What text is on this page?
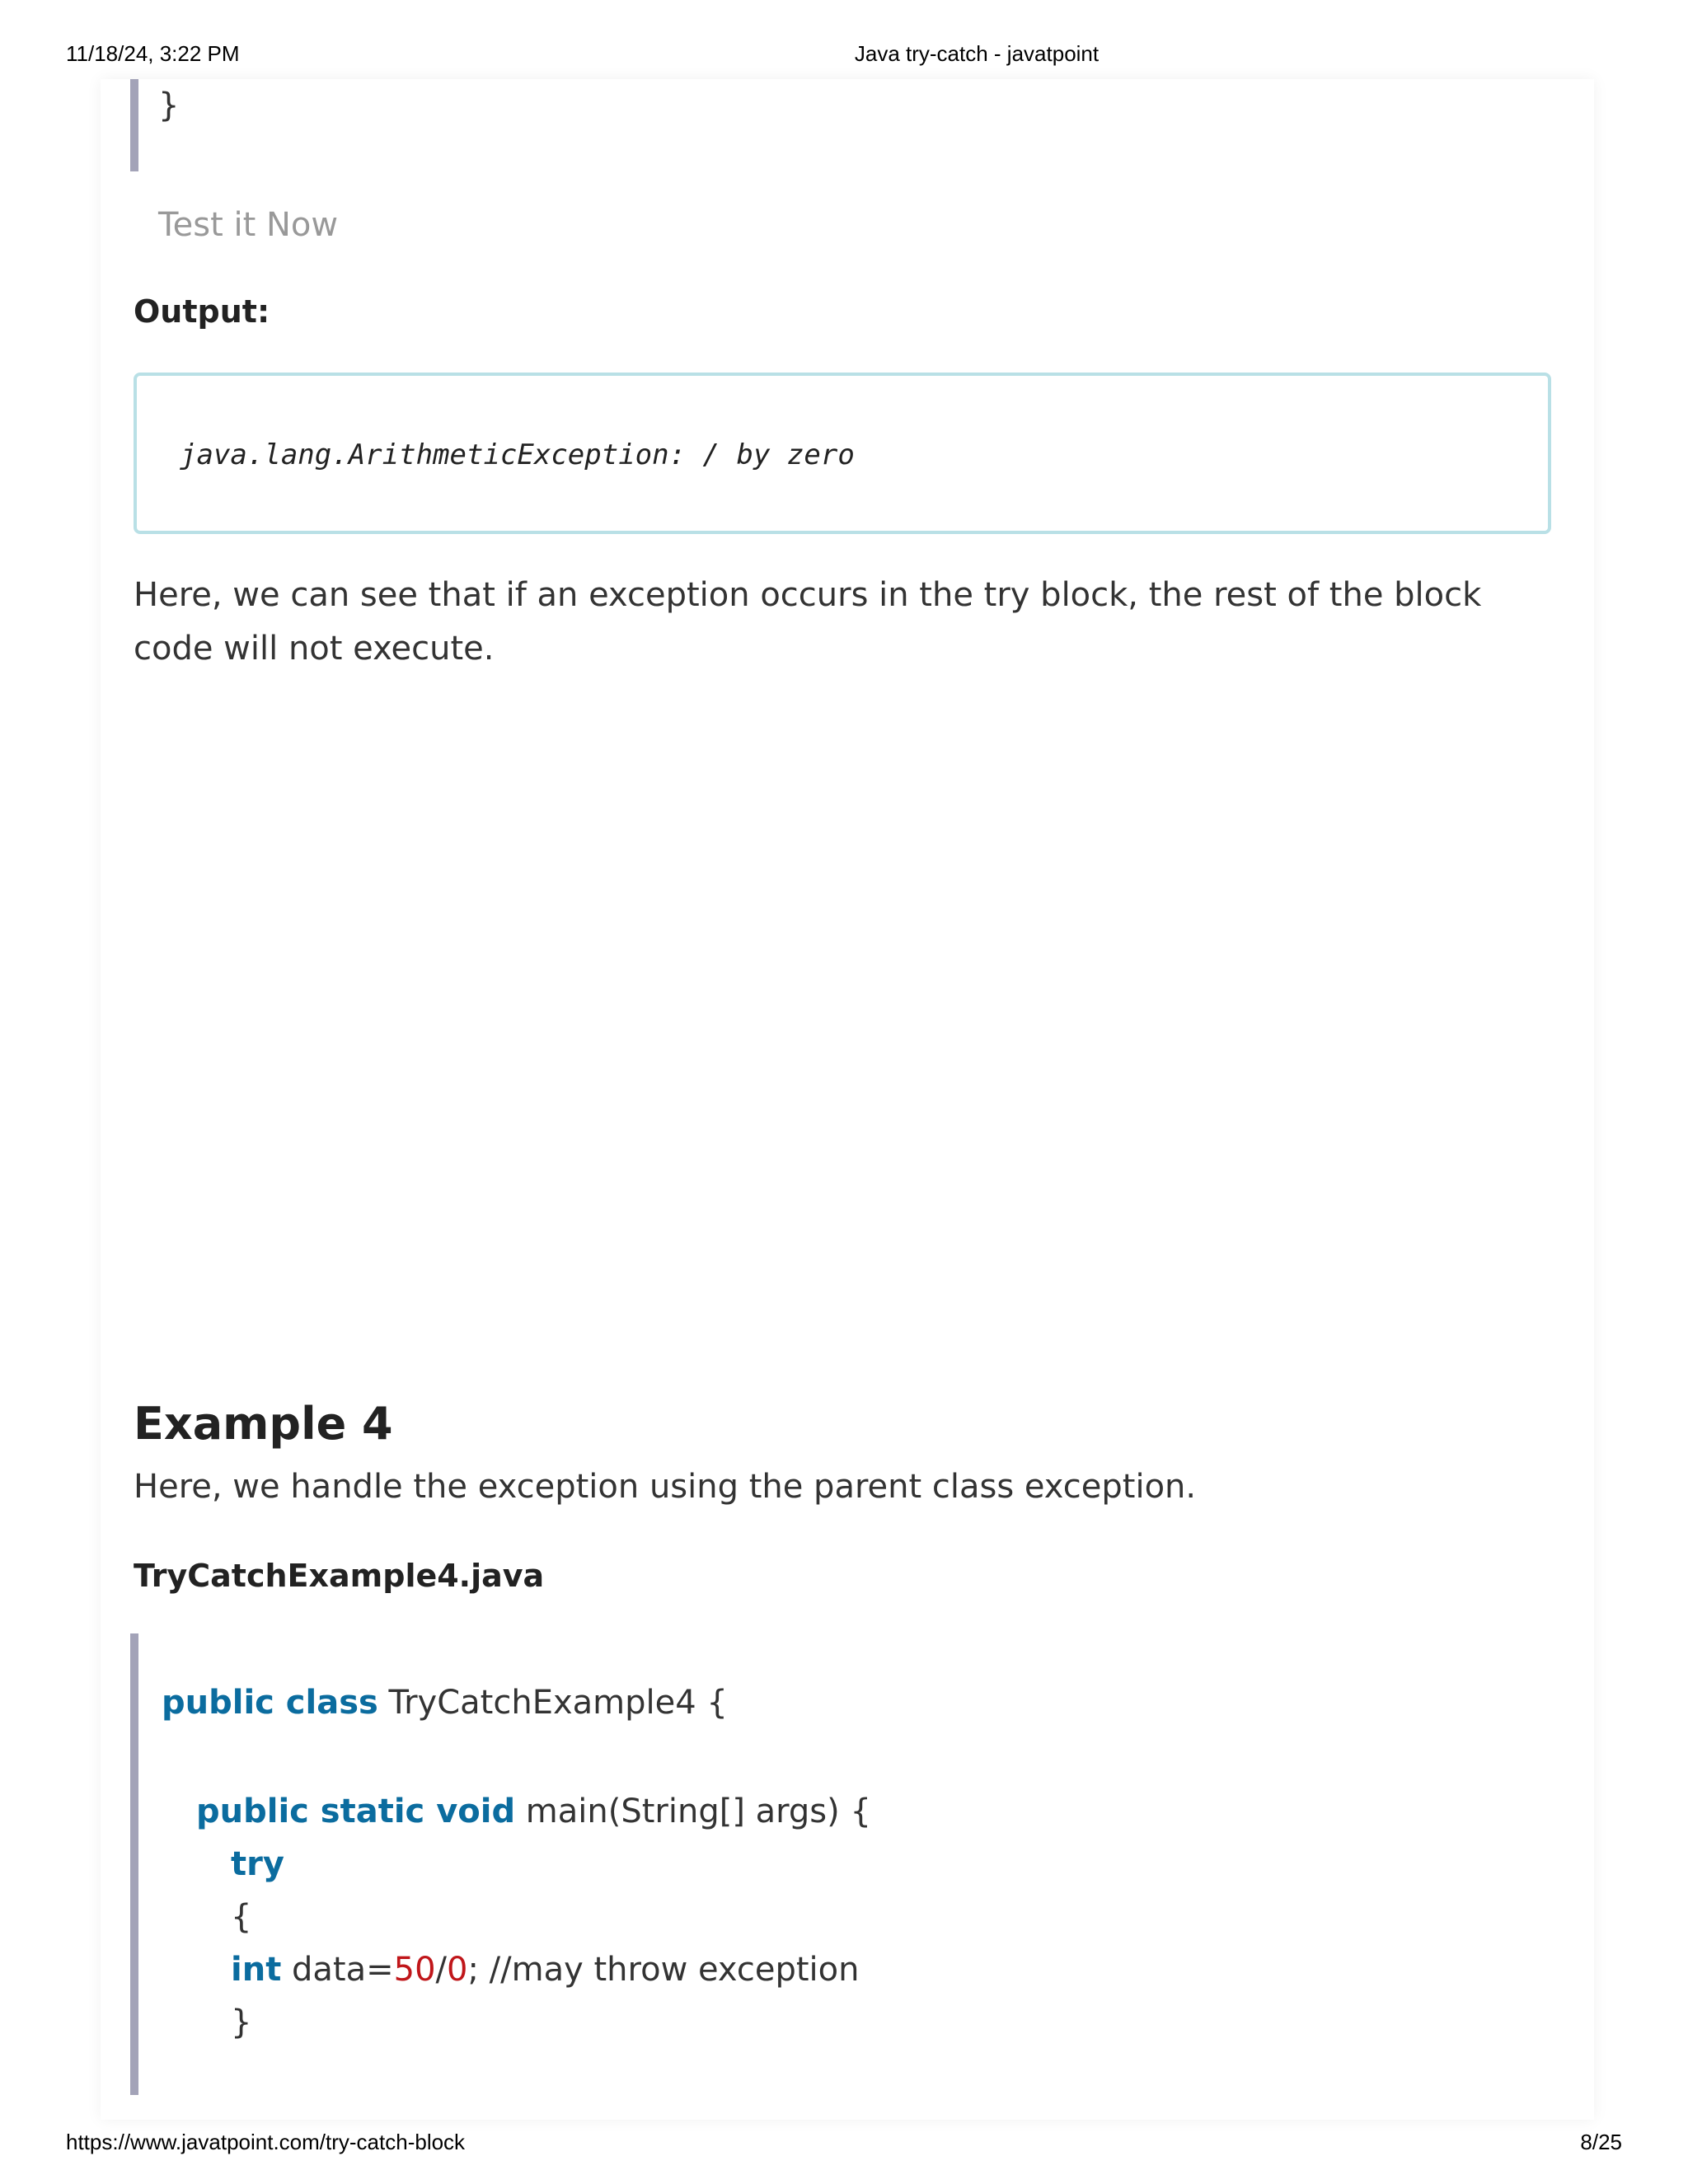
11/18/24, 3:22 PM	Java try-catch - javatpoint
}
Test it Now
Output:
java.lang.ArithmeticException: / by zero

Here, we can see that if an exception occurs in the try block, the rest of the block code will not execute.

Example 4

Here, we handle the exception using the parent class exception.

TryCatchExample4.java
public class TryCatchExample4 {
public static void main(String[] args) {
try
{
int data=50/0; //may throw exception
}
https://www.javatpoint.com/try-catch-block	8/25
